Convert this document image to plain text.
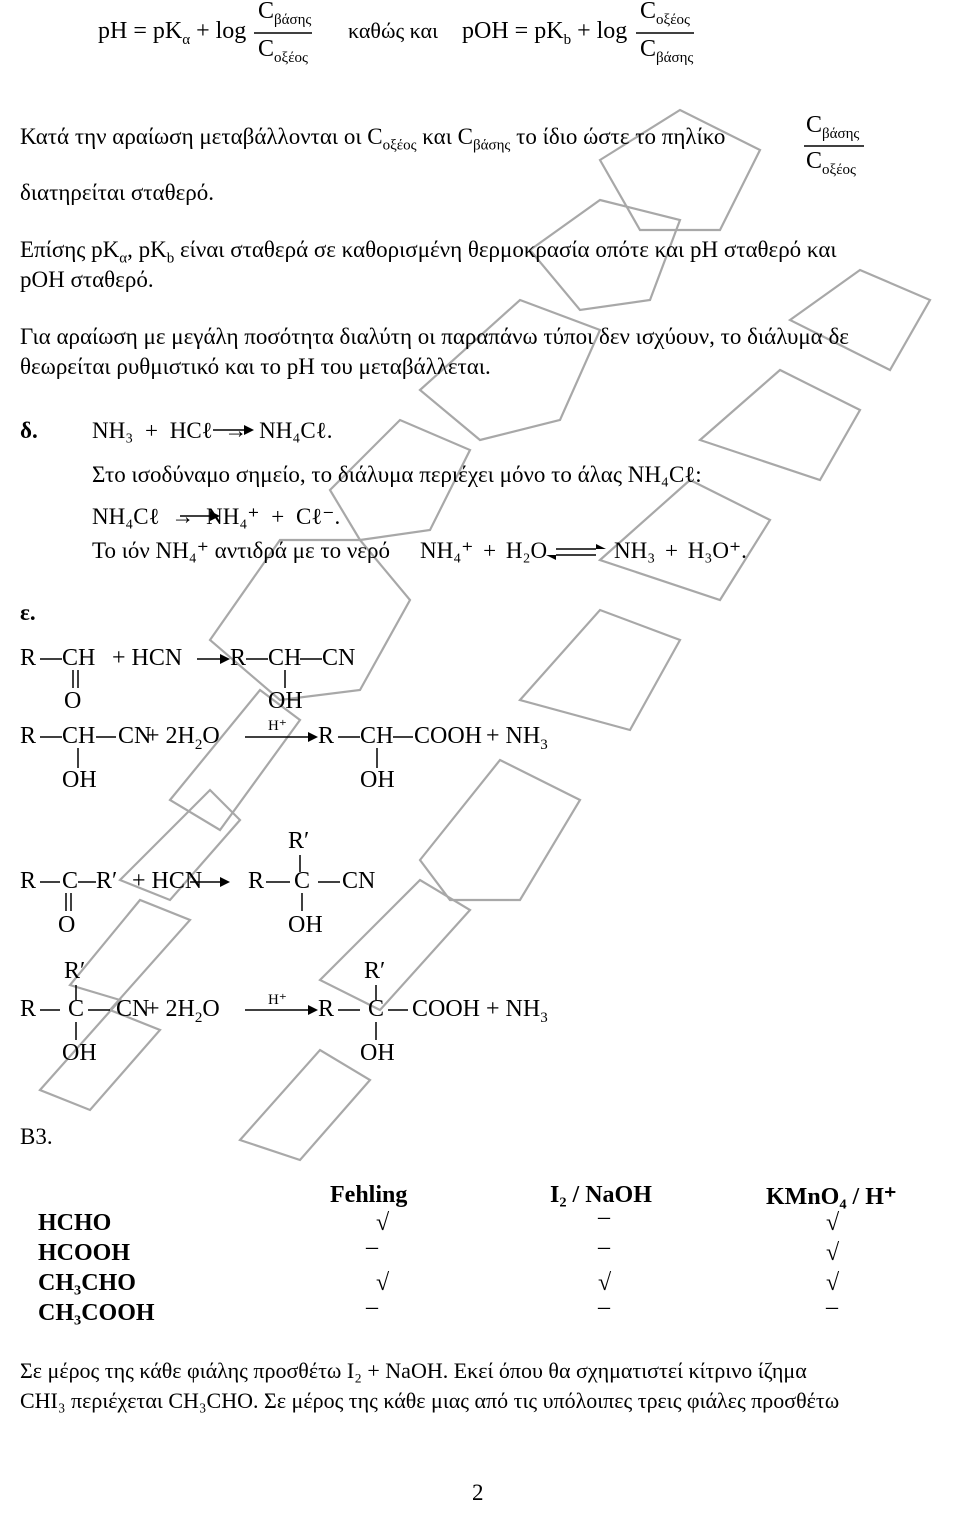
pH = $pK_\alpha + \log$
$C_{\beta ά\sigma\eta\varsigma}$
$C_{o\xi έo\varsigma}$
καθώς και pOH = $pK_b + \log$
$C_{o\xi έo\varsigma}$
$C_{\beta ά\sigma\eta\varsigma}$
Κατά την αραίωση μεταβάλλονται οι $C_{o\xi έo\varsigma}$ και $C_{\beta ά\sigma\eta\varsigma}$ το ίδιο ώστε το πηλίκο	$C_{\beta ά\sigma\eta\varsigma}$
$C_{o\xi έo\varsigma}$
διατηρείται σταθερό.
Επίσης $pK_\alpha$, $pK_b$ είναι σταθερά σε καθορισμένη θερμοκρασία οπότε και pH σταθερό και
pOH σταθερό.
Για αραίωση με μεγάλη ποσότητα διαλύτη οι παραπάνω τύποι δεν ισχύουν, το διάλυμα δε
θεωρείται ρυθμιστικό και το pH του μεταβάλλεται.
δ. NH₃ + HCℓ → NH₄Cℓ.
Στο ισοδύναμο σημείο, το διάλυμα περιέχει μόνο το άλας NH₄Cℓ:
NH₄Cℓ → NH₄⁺ + Cℓ⁻.
Το ιόν NH₄⁺ αντιδρά με το νερό NH₄⁺ + H₂O	NH₃ + H₃O⁺.
ε.
R CH + HCN R CH CN
O	OH
R CH CN
+ $2H_2O$	H⁺ R CH COOH + $NH_3$
OH	OH
R′
R C R′ + HCN R C CN
O	OH
R′	R′
R C CN
+ $2H_2O$	H⁺ R C COOH + $NH_3$
OH	OH
B3.
Fehling	I₂ / NaOH	KMnO₄ / H⁺
HCHO	√	–	√
HCOOH	–	–	√
CH₃CHO	√	√	√
CH₃COOH	–	–	–
Σε μέρος της κάθε φιάλης προσθέτω I₂ + NaOH. Εκεί όπου θα σχηματιστεί κίτρινο ίζημα
CHI₃ περιέχεται CH₃CHO. Σε μέρος της κάθε μιας από τις υπόλοιπες τρεις φιάλες προσθέτω
2
